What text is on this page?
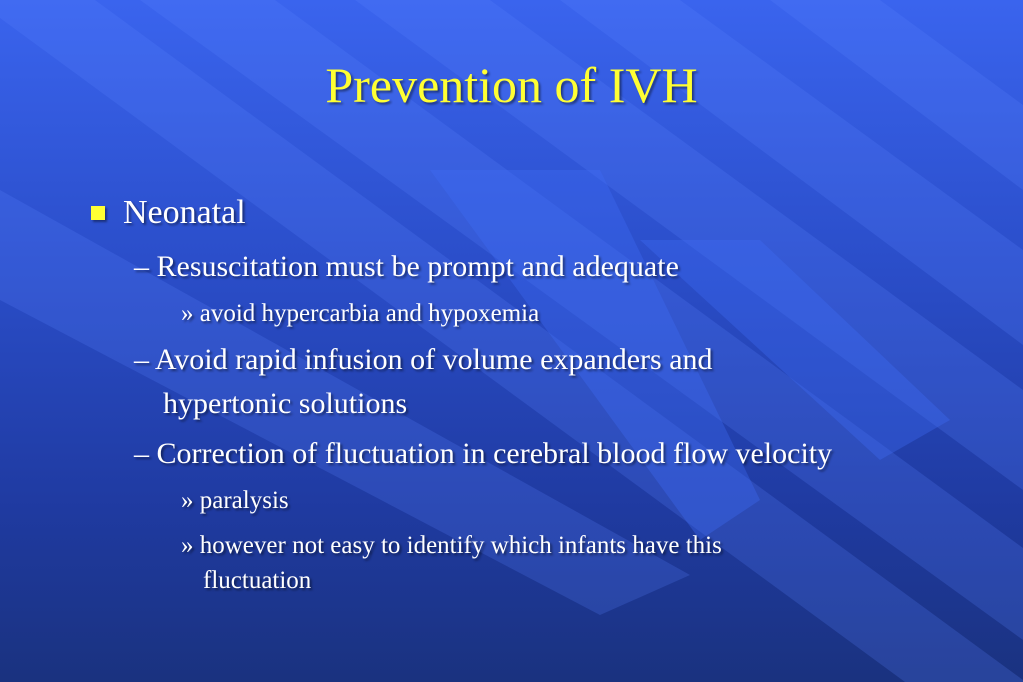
Prevention of IVH
Neonatal
– Resuscitation must be prompt and adequate
» avoid hypercarbia and hypoxemia
– Avoid rapid infusion of volume expanders and
hypertonic solutions
– Correction of fluctuation in cerebral blood flow velocity
» paralysis
» however not easy to identify which infants have this
fluctuation
